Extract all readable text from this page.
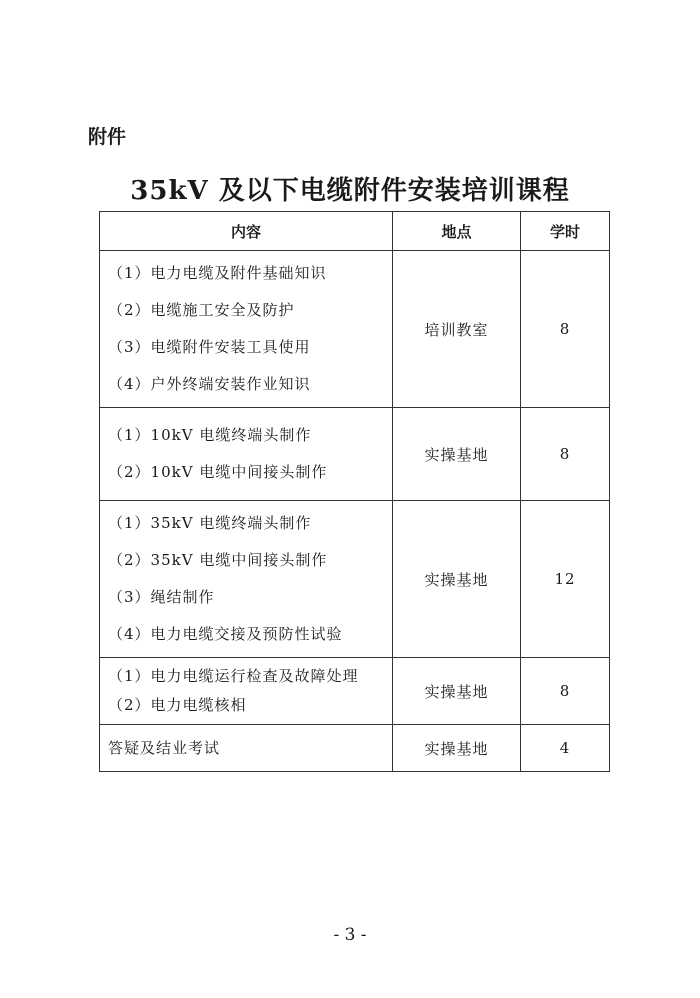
附件
35kV 及以下电缆附件安装培训课程
内容	地点	学时

（1）电力电缆及附件基础知识
（2）电缆施工安全及防护
（3）电缆附件安装工具使用
（4）户外终端安装作业知识	培训教室	8

（1）10kV 电缆终端头制作
（2）10kV 电缆中间接头制作	实操基地	8

（1）35kV 电缆终端头制作
（2）35kV 电缆中间接头制作
（3）绳结制作
（4）电力电缆交接及预防性试验	实操基地	12

（1）电力电缆运行检查及故障处理
（2）电力电缆核相	实操基地	8

答疑及结业考试	实操基地	4
- 3 -
